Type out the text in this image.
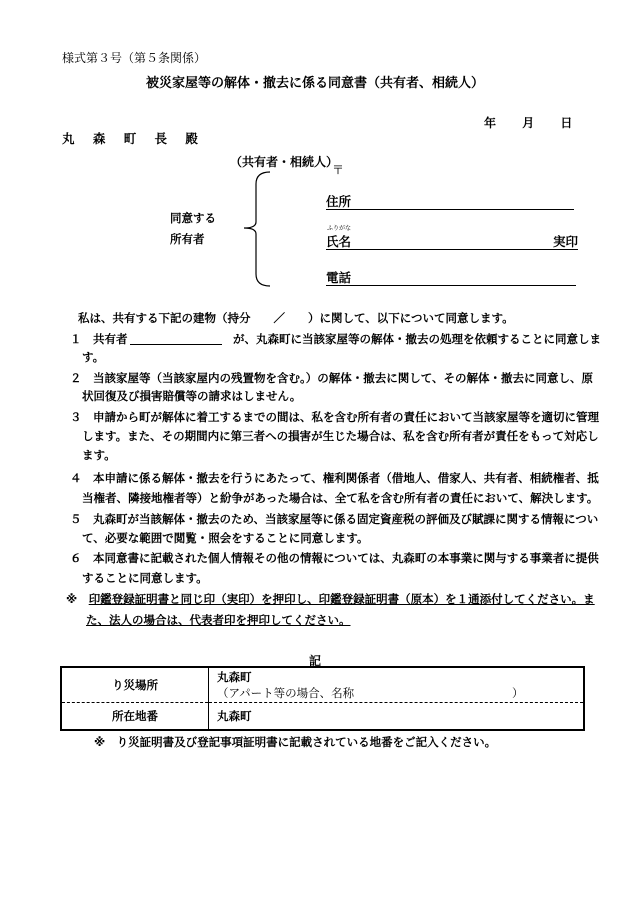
様式第３号（第５条関係）
被災家屋等の解体・撤去に係る同意書（共有者、相続人）
年 月 日
丸 森 町 長 殿
（共有者・相続人）
〒
同意する
所有者
住所
ふりがな
氏名	実印
電話
私は、共有する下記の建物（持分　　／　　）に関して、以下について同意します。
１　 共有者　	が、丸森町に当該家屋等の解体・撤去の処理を依頼することに同意しま
す。
２　 当該家屋等（当該家屋内の残置物を含む。）の解体・撤去に関して、その解体・撤去に同意し、原
状回復及び損害賠償等の請求はしません。
３　 申請から町が解体に着工するまでの間は、私を含む所有者の責任において当該家屋等を適切に管理
します。また、その期間内に第三者への損害が生じた場合は、私を含む所有者が責任をもって対応し
ます。
４　 本申請に係る解体・撤去を行うにあたって、権利関係者（借地人、借家人、共有者、相続権者、抵
当権者、隣接地権者等）と紛争があった場合は、全て私を含む所有者の責任において、解決します。
５　 丸森町が当該解体・撤去のため、当該家屋等に係る固定資産税の評価及び賦課に関する情報につい
て、必要な範囲で閲覧・照会をすることに同意します。
６　 本同意書に記載された個人情報その他の情報については、丸森町の本事業に関与する事業者に提供
することに同意します。
※　 印鑑登録証明書と同じ印（実印）を押印し、印鑑登録証明書（原本）を１通添付してください。ま
た、法人の場合は、代表者印を押印してください。
記
り災場所	丸森町
（アパート等の場合、名称 ）

所在地番	丸森町
※　り災証明書及び登記事項証明書に記載されている地番をご記入ください。
